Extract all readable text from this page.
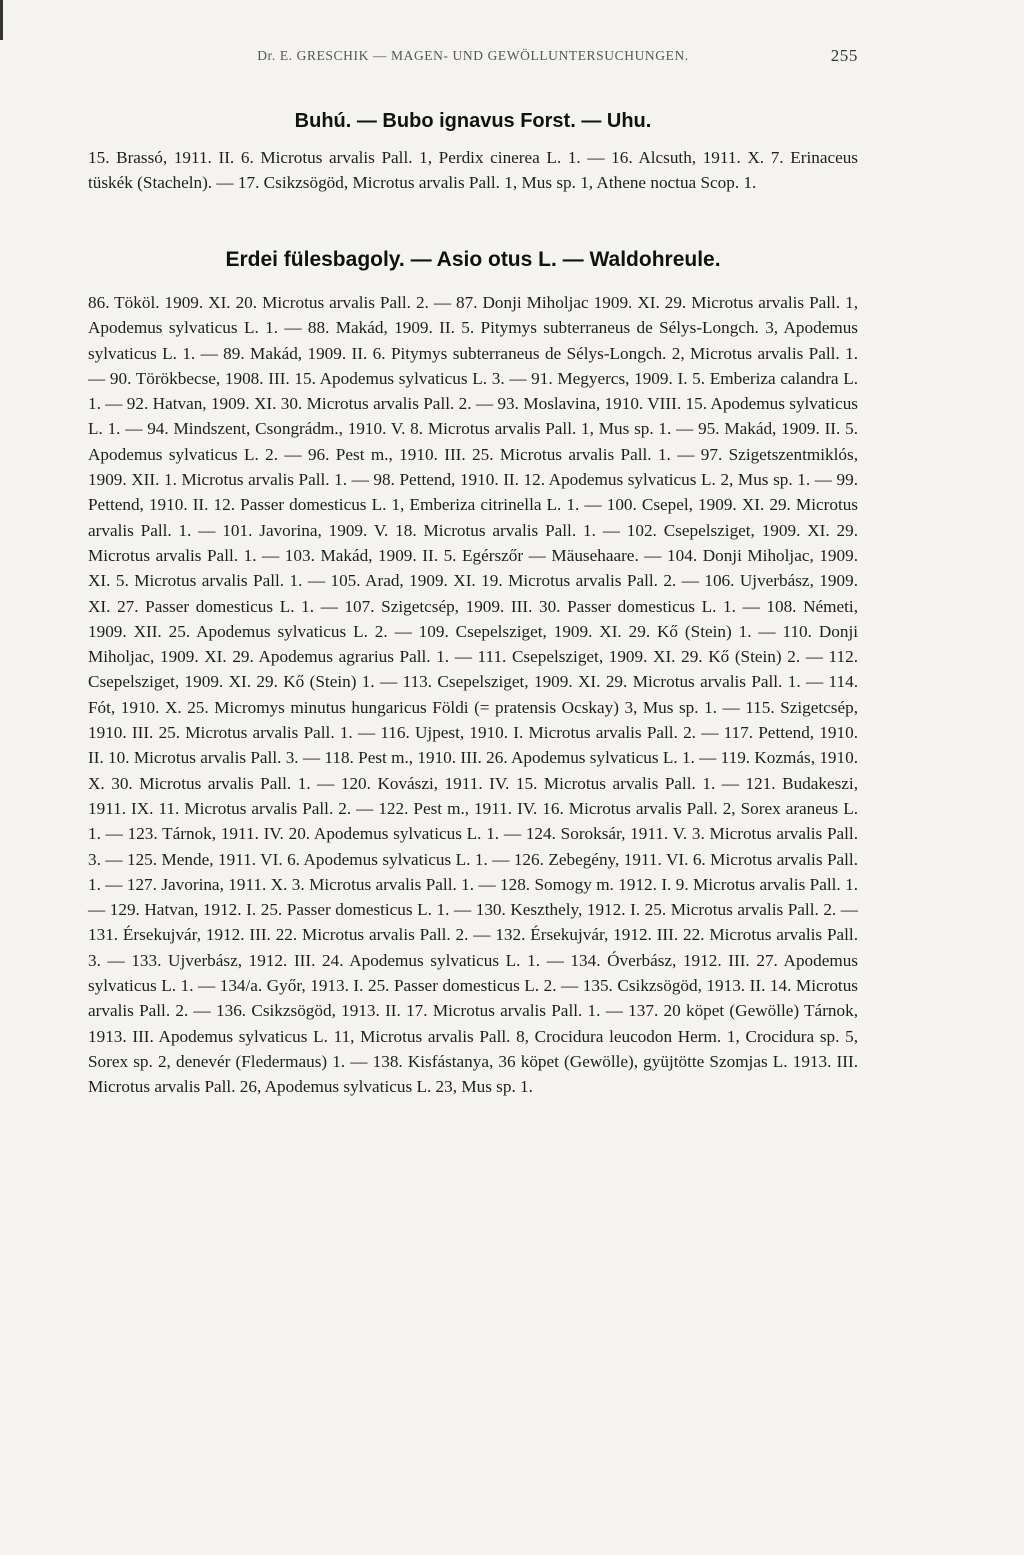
Dr. E. GRESCHIK — MAGEN- UND GEWÖLLUNTERSUCHUNGEN.	255
Buhú. — Bubo ignavus Forst. — Uhu.

15. Brassó, 1911. II. 6. Microtus arvalis Pall. 1, Perdix cinerea L. 1. — 16. Alcsuth, 1911. X. 7. Erinaceus tüskék (Stacheln). — 17. Csikzsögöd, Microtus arvalis Pall. 1, Mus sp. 1, Athene noctua Scop. 1.

Erdei fülesbagoly. — Asio otus L. — Waldohreule.

86. Tököl. 1909. XI. 20. Microtus arvalis Pall. 2. — 87. Donji Miholjac 1909. XI. 29. Microtus arvalis Pall. 1, Apodemus sylvaticus L. 1. — 88. Makád, 1909. II. 5. Pitymys subterraneus de Sélys-Longch. 3, Apodemus sylvaticus L. 1. — 89. Makád, 1909. II. 6. Pitymys subterraneus de Sélys-Longch. 2, Microtus arvalis Pall. 1. — 90. Törökbecse, 1908. III. 15. Apodemus sylvaticus L. 3. — 91. Megyercs, 1909. I. 5. Emberiza calandra L. 1. — 92. Hatvan, 1909. XI. 30. Microtus arvalis Pall. 2. — 93. Moslavina, 1910. VIII. 15. Apodemus sylvaticus L. 1. — 94. Mindszent, Csongrádm., 1910. V. 8. Microtus arvalis Pall. 1, Mus sp. 1. — 95. Makád, 1909. II. 5. Apodemus sylvaticus L. 2. — 96. Pest m., 1910. III. 25. Microtus arvalis Pall. 1. — 97. Szigetszentmiklós, 1909. XII. 1. Microtus arvalis Pall. 1. — 98. Pettend, 1910. II. 12. Apodemus sylvaticus L. 2, Mus sp. 1. — 99. Pettend, 1910. II. 12. Passer domesticus L. 1, Emberiza citrinella L. 1. — 100. Csepel, 1909. XI. 29. Microtus arvalis Pall. 1. — 101. Javorina, 1909. V. 18. Microtus arvalis Pall. 1. — 102. Csepelsziget, 1909. XI. 29. Microtus arvalis Pall. 1. — 103. Makád, 1909. II. 5. Egérszőr — Mäusehaare. — 104. Donji Miholjac, 1909. XI. 5. Microtus arvalis Pall. 1. — 105. Arad, 1909. XI. 19. Microtus arvalis Pall. 2. — 106. Ujverbász, 1909. XI. 27. Passer domesticus L. 1. — 107. Szigetcsép, 1909. III. 30. Passer domesticus L. 1. — 108. Németi, 1909. XII. 25. Apodemus sylvaticus L. 2. — 109. Csepelsziget, 1909. XI. 29. Kő (Stein) 1. — 110. Donji Miholjac, 1909. XI. 29. Apodemus agrarius Pall. 1. — 111. Csepelsziget, 1909. XI. 29. Kő (Stein) 2. — 112. Csepelsziget, 1909. XI. 29. Kő (Stein) 1. — 113. Csepelsziget, 1909. XI. 29. Microtus arvalis Pall. 1. — 114. Fót, 1910. X. 25. Micromys minutus hungaricus Földi (= pratensis Ocskay) 3, Mus sp. 1. — 115. Szigetcsép, 1910. III. 25. Microtus arvalis Pall. 1. — 116. Ujpest, 1910. I. Microtus arvalis Pall. 2. — 117. Pettend, 1910. II. 10. Microtus arvalis Pall. 3. — 118. Pest m., 1910. III. 26. Apodemus sylvaticus L. 1. — 119. Kozmás, 1910. X. 30. Microtus arvalis Pall. 1. — 120. Kovászi, 1911. IV. 15. Microtus arvalis Pall. 1. — 121. Budakeszi, 1911. IX. 11. Microtus arvalis Pall. 2. — 122. Pest m., 1911. IV. 16. Microtus arvalis Pall. 2, Sorex araneus L. 1. — 123. Tárnok, 1911. IV. 20. Apodemus sylvaticus L. 1. — 124. Soroksár, 1911. V. 3. Microtus arvalis Pall. 3. — 125. Mende, 1911. VI. 6. Apodemus sylvaticus L. 1. — 126. Zebegény, 1911. VI. 6. Microtus arvalis Pall. 1. — 127. Javorina, 1911. X. 3. Microtus arvalis Pall. 1. — 128. Somogy m. 1912. I. 9. Microtus arvalis Pall. 1. — 129. Hatvan, 1912. I. 25. Passer domesticus L. 1. — 130. Keszthely, 1912. I. 25. Microtus arvalis Pall. 2. — 131. Érsekujvár, 1912. III. 22. Microtus arvalis Pall. 2. — 132. Érsekujvár, 1912. III. 22. Microtus arvalis Pall. 3. — 133. Ujverbász, 1912. III. 24. Apodemus sylvaticus L. 1. — 134. Óverbász, 1912. III. 27. Apodemus sylvaticus L. 1. — 134/a. Győr, 1913. I. 25. Passer domesticus L. 2. — 135. Csikzsögöd, 1913. II. 14. Microtus arvalis Pall. 2. — 136. Csikzsögöd, 1913. II. 17. Microtus arvalis Pall. 1. — 137. 20 köpet (Gewölle) Tárnok, 1913. III. Apodemus sylvaticus L. 11, Microtus arvalis Pall. 8, Crocidura leucodon Herm. 1, Crocidura sp. 5, Sorex sp. 2, denevér (Fledermaus) 1. — 138. Kisfástanya, 36 köpet (Gewölle), gyüjtötte Szomjas L. 1913. III. Microtus arvalis Pall. 26, Apodemus sylvaticus L. 23, Mus sp. 1.
